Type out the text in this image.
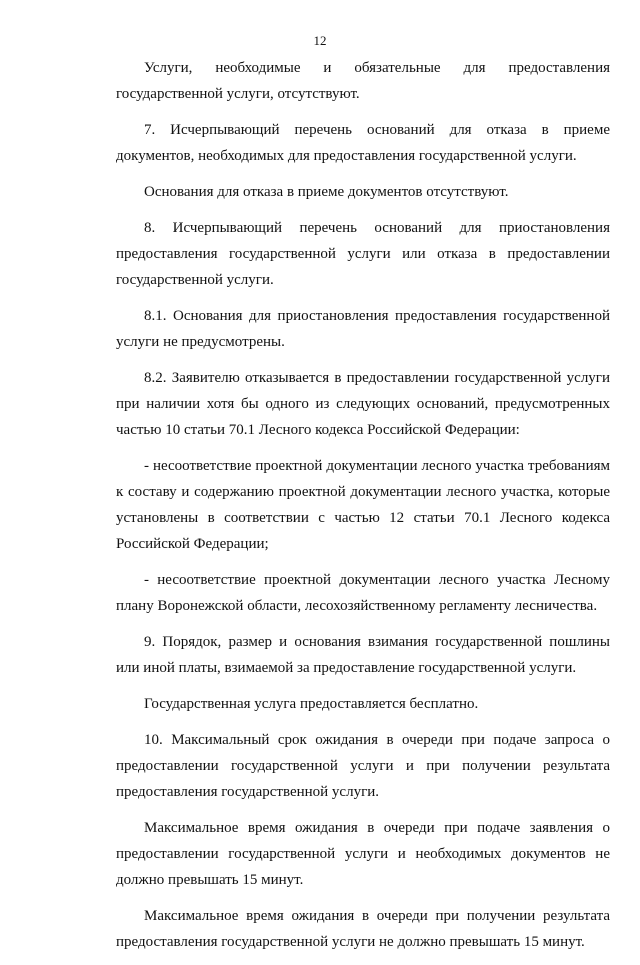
12

Услуги, необходимые и обязательные для предоставления государственной услуги, отсутствуют.

7. Исчерпывающий перечень оснований для отказа в приеме документов, необходимых для предоставления государственной услуги.

Основания для отказа в приеме документов отсутствуют.

8. Исчерпывающий перечень оснований для приостановления предоставления государственной услуги или отказа в предоставлении государственной услуги.

8.1. Основания для приостановления предоставления государственной услуги не предусмотрены.

8.2. Заявителю отказывается в предоставлении государственной услуги при наличии хотя бы одного из следующих оснований, предусмотренных частью 10 статьи 70.1 Лесного кодекса Российской Федерации:

- несоответствие проектной документации лесного участка требованиям к составу и содержанию проектной документации лесного участка, которые установлены в соответствии с частью 12 статьи 70.1 Лесного кодекса Российской Федерации;

- несоответствие проектной документации лесного участка Лесному плану Воронежской области, лесохозяйственному регламенту лесничества.

9. Порядок, размер и основания взимания государственной пошлины или иной платы, взимаемой за предоставление государственной услуги.

Государственная услуга предоставляется бесплатно.

10. Максимальный срок ожидания в очереди при подаче запроса о предоставлении государственной услуги и при получении результата предоставления государственной услуги.

Максимальное время ожидания в очереди при подаче заявления о предоставлении государственной услуги и необходимых документов не должно превышать 15 минут.

Максимальное время ожидания в очереди при получении результата предоставления государственной услуги не должно превышать 15 минут.
